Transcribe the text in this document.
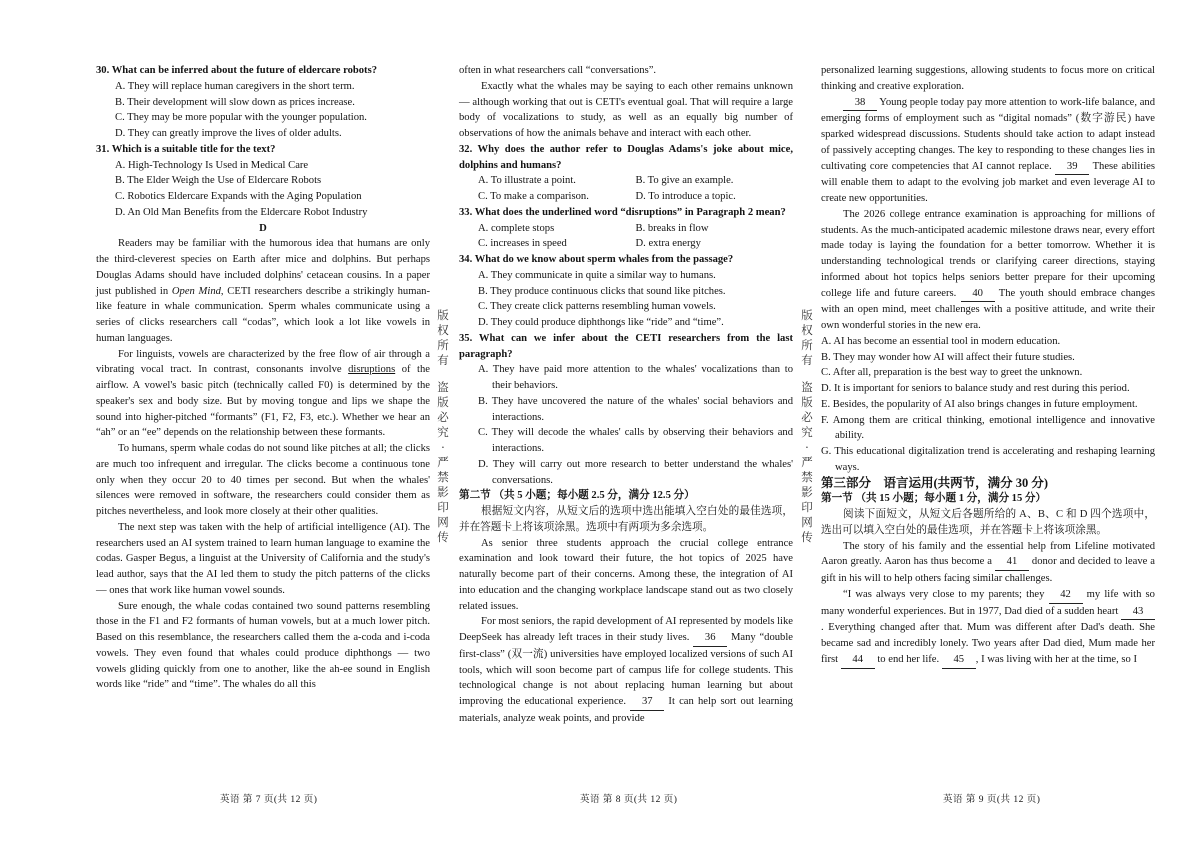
30. What can be inferred about the future of eldercare robots?

A. They will replace human caregivers in the short term.

B. Their development will slow down as prices increase.

C. They may be more popular with the younger population.

D. They can greatly improve the lives of older adults.

31. Which is a suitable title for the text?

A. High-Technology Is Used in Medical Care

B. The Elder Weigh the Use of Eldercare Robots

C. Robotics Eldercare Expands with the Aging Population

D. An Old Man Benefits from the Eldercare Robot Industry

D

Readers may be familiar with the humorous idea that humans are only the third-cleverest species on Earth after mice and dolphins. But perhaps Douglas Adams should have included dolphins' cetacean cousins. In a paper just published in Open Mind, CETI researchers describe a strikingly human-like feature in whale communication. Sperm whales communicate using a series of clicks researchers call “codas”, which look a lot like vowels in human languages.

For linguists, vowels are characterized by the free flow of air through a vibrating vocal tract. In contrast, consonants involve disruptions of the airflow. A vowel's basic pitch (technically called F0) is determined by the speaker's sex and body size. But by moving tongue and lips we shape the sound into higher-pitched “formants” (F1, F2, F3, etc.). Whether we hear an “ah” or an “ee” depends on the relationship between these formants.

To humans, sperm whale codas do not sound like pitches at all; the clicks are much too infrequent and irregular. The clicks become a continuous tone only when they occur 20 to 40 times per second. But when the whales' silences were removed in software, the researchers could consider them as pitches nevertheless, and look more closely at their other qualities.

The next step was taken with the help of artificial intelligence (AI). The researchers used an AI system trained to learn human language to examine the codas. Gasper Begus, a linguist at the University of California and the study's lead author, says that the AI led them to study the pitch patterns of the clicks — ones that work like human vowel sounds.

Sure enough, the whale codas contained two sound patterns resembling those in the F1 and F2 formants of human vowels, but at a much lower pitch. Based on this resemblance, the researchers called them the a-coda and i-coda vowels. They even found that whales could produce diphthongs — two vowels gliding quickly from one to another, like the ah-ee sound in English words like “ride” and “time”. The whales do all this

版权所有
盗版必究·严禁影印网传

often in what researchers call “conversations”.

Exactly what the whales may be saying to each other remains unknown — although working that out is CETI's eventual goal. That will require a large body of vocalizations to study, as well as an equally big number of observations of how the animals behave and interact with each other.

32. Why does the author refer to Douglas Adams's joke about mice, dolphins and humans?

A. To illustrate a point.	B. To give an example.
C. To make a comparison.	D. To introduce a topic.

33. What does the underlined word “disruptions” in Paragraph 2 mean?

A. complete stops	B. breaks in flow
C. increases in speed	D. extra energy

34. What do we know about sperm whales from the passage?

A. They communicate in quite a similar way to humans.

B. They produce continuous clicks that sound like pitches.

C. They create click patterns resembling human vowels.

D. They could produce diphthongs like “ride” and “time”.

35. What can we infer about the CETI researchers from the last paragraph?

A. They have paid more attention to the whales' vocalizations than to their behaviors.

B. They have uncovered the nature of the whales' social behaviors and interactions.

C. They will decode the whales' calls by observing their behaviors and interactions.

D. They will carry out more research to better understand the whales' conversations.

第二节 （共 5 小题；每小题 2.5 分，满分 12.5 分）

根据短文内容，从短文后的选项中选出能填入空白处的最佳选项，并在答题卡上将该项涂黑。选项中有两项为多余选项。

As senior three students approach the crucial college entrance examination and look toward their future, the hot topics of 2025 have naturally become part of their concerns. Among these, the integration of AI into education and the changing workplace landscape stand out as two closely related issues.

For most seniors, the rapid development of AI represented by models like DeepSeek has already left traces in their study lives. 36 Many “double first-class” (双一流) universities have employed localized versions of such AI tools, which will soon become part of campus life for college students. This technological change is not about replacing human learning but about improving the educational experience. 37 It can help sort out learning materials, analyze weak points, and provide

版权所有
盗版必究·严禁影印网传

personalized learning suggestions, allowing students to focus more on critical thinking and creative exploration.

38 Young people today pay more attention to work-life balance, and emerging forms of employment such as “digital nomads” (数字游民) have sparked widespread discussions. Students should take action to adapt instead of passively accepting changes. The key to responding to these changes lies in cultivating core competencies that AI cannot replace. 39 These abilities will enable them to adapt to the evolving job market and even leverage AI to create new opportunities.

The 2026 college entrance examination is approaching for millions of students. As the much-anticipated academic milestone draws near, every effort made today is laying the foundation for a better tomorrow. Whether it is understanding technological trends or clarifying career directions, staying informed about hot topics helps seniors better prepare for their upcoming college life and future careers. 40 The youth should embrace changes with an open mind, meet challenges with a positive attitude, and write their own wonderful stories in the new era.

A. AI has become an essential tool in modern education.

B. They may wonder how AI will affect their future studies.

C. After all, preparation is the best way to greet the unknown.

D. It is important for seniors to balance study and rest during this period.

E. Besides, the popularity of AI also brings changes in future employment.

F. Among them are critical thinking, emotional intelligence and innovative ability.

G. This educational digitalization trend is accelerating and reshaping learning ways.

第三部分　语言运用(共两节，满分 30 分)

第一节 （共 15 小题；每小题 1 分，满分 15 分）

阅读下面短文，从短文后各题所给的 A、B、C 和 D 四个选项中，选出可以填入空白处的最佳选项，并在答题卡上将该项涂黑。

The story of his family and the essential help from Lifeline motivated Aaron greatly. Aaron has thus become a 41 donor and decided to leave a gift in his will to help others facing similar challenges.

“I was always very close to my parents; they 42 my life with so many wonderful experiences. But in 1977, Dad died of a sudden heart 43. Everything changed after that. Mum was different after Dad's death. She became sad and incredibly lonely. Two years after Dad died, Mum made her first 44 to end her life. 45 , I was living with her at the time, so I

英语 第 7 页(共 12 页)	英语 第 8 页(共 12 页)	英语 第 9 页(共 12 页)
